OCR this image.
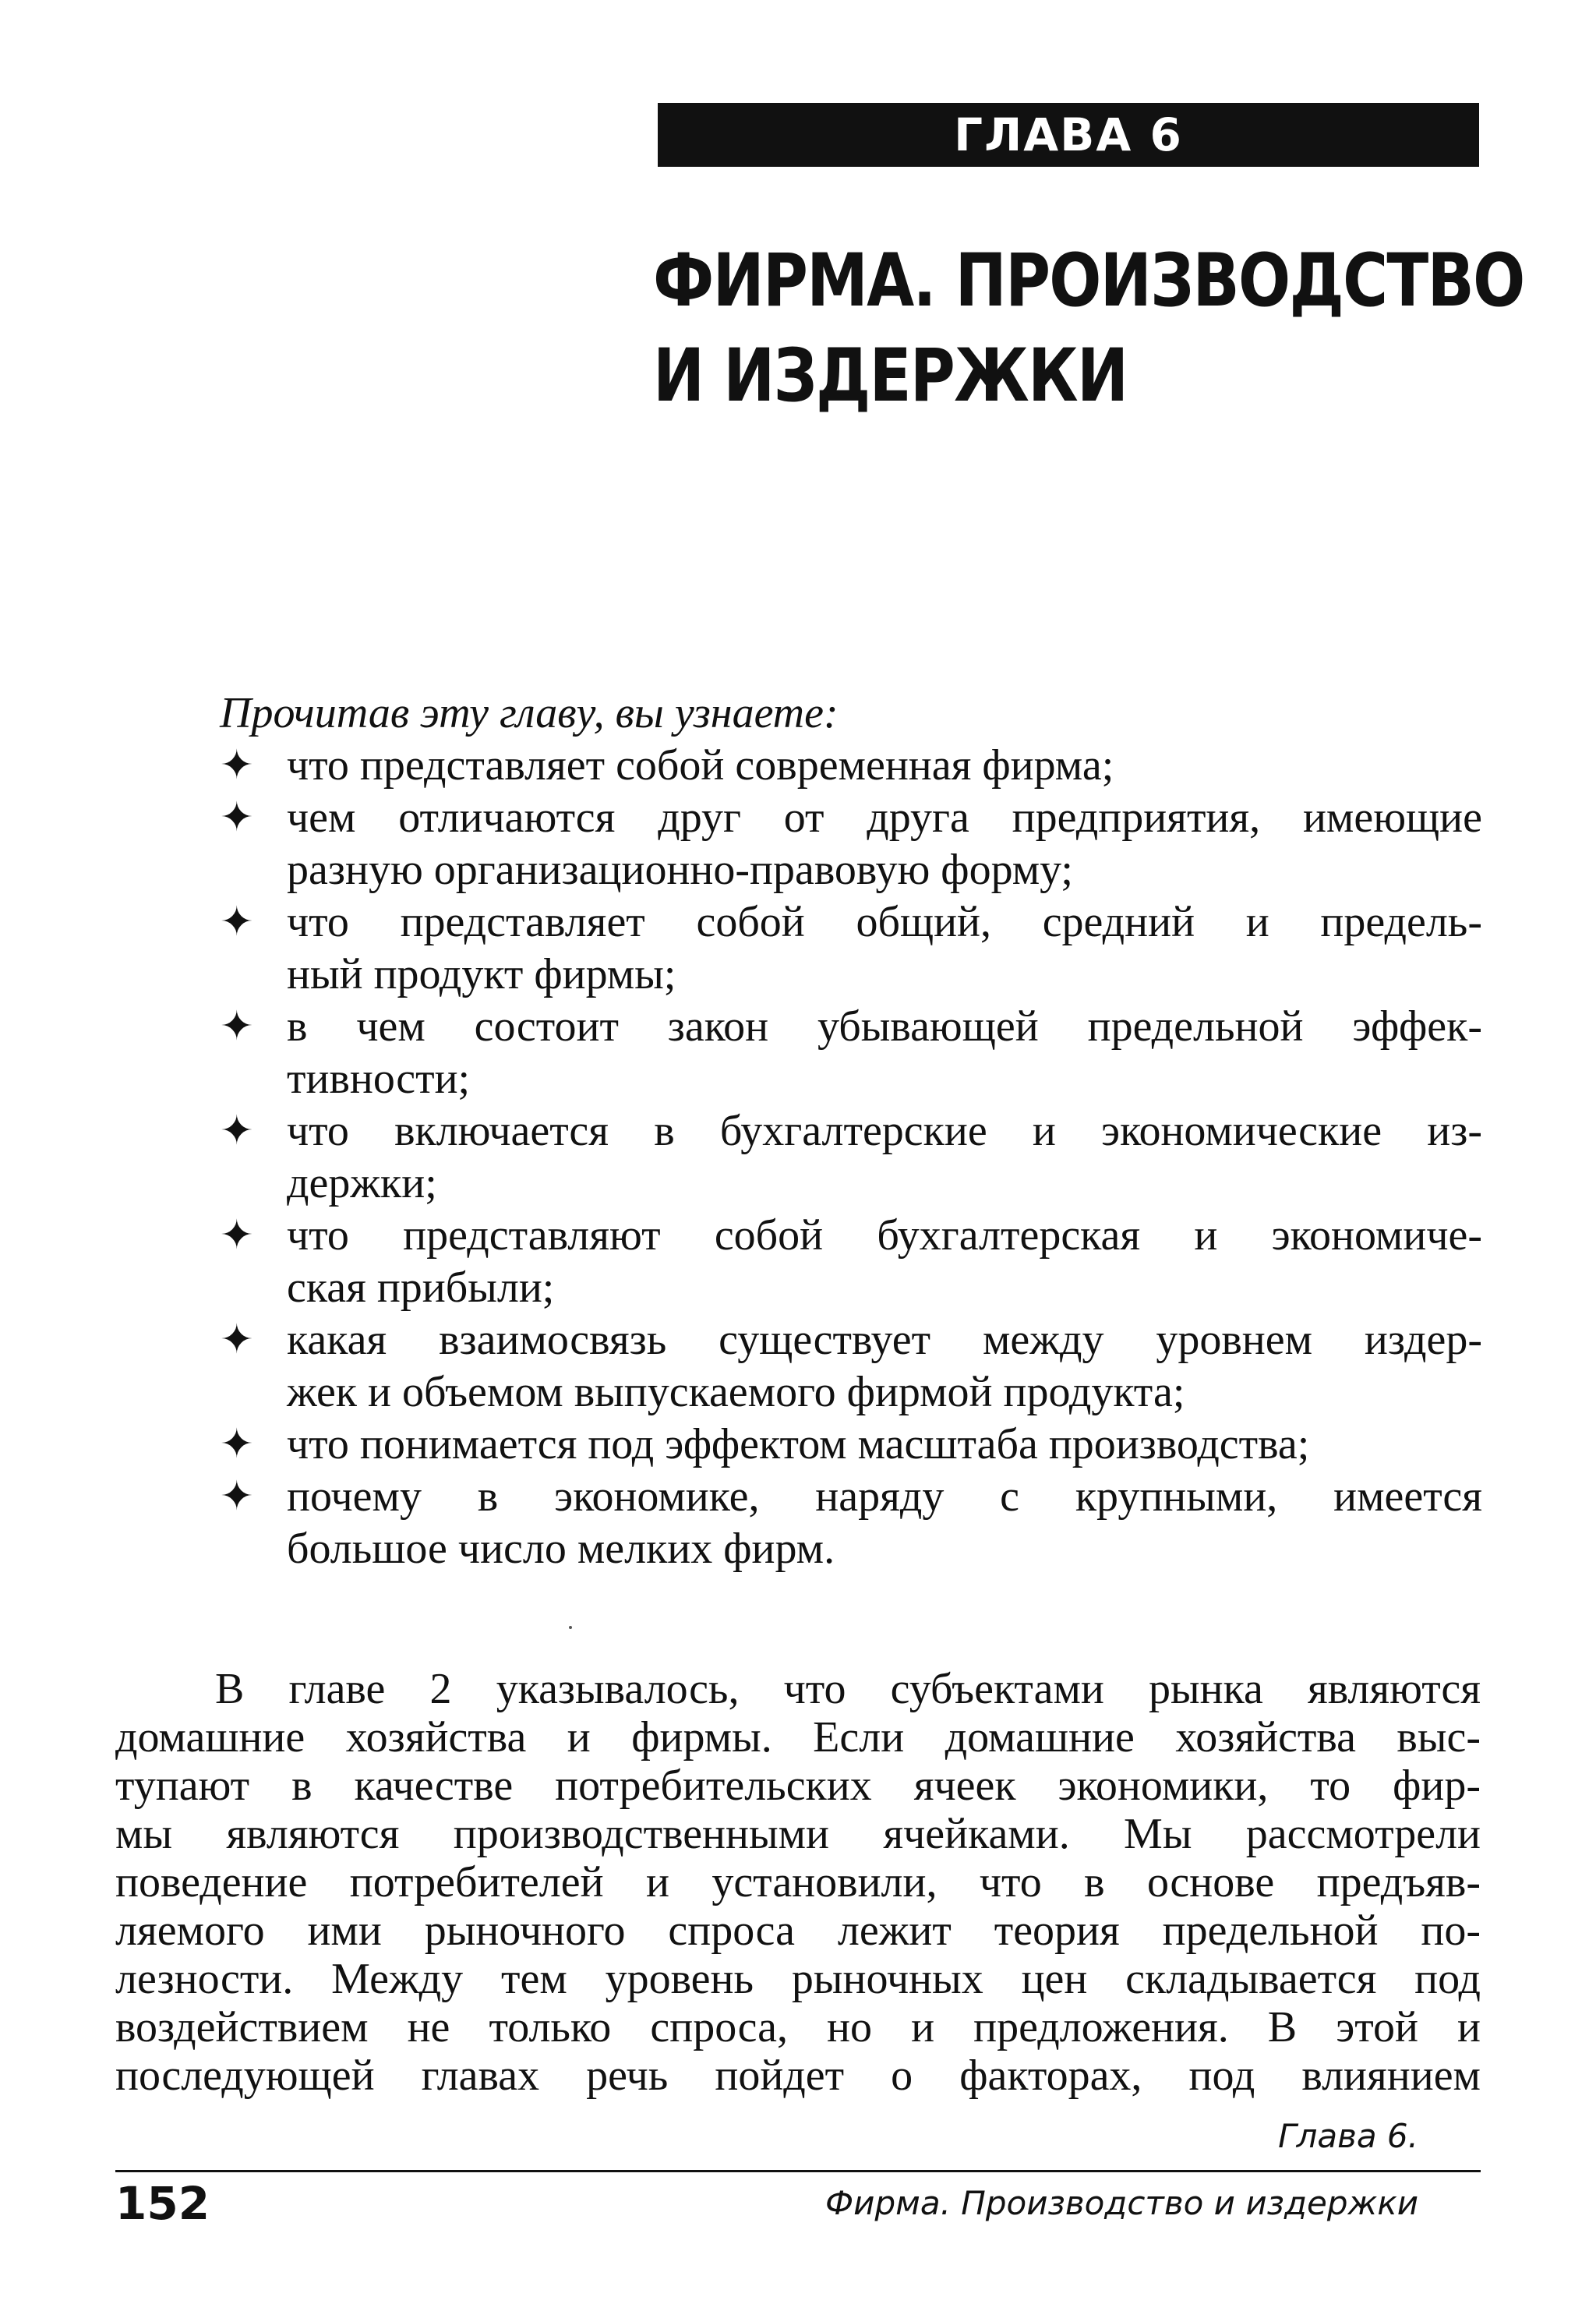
ГЛАВА 6
ФИРМА. ПРОИЗВОДСТВО
И ИЗДЕРЖКИ

Прочитав эту главу, вы узнаете:

✦ что представляет собой современная фирма;
✦ чем отличаются друг от друга предприятия, имеющие
разную организационно-правовую форму;
✦ что представляет собой общий, средний и предель-
ный продукт фирмы;
✦ в чем состоит закон убывающей предельной эффек-
тивности;
✦ что включается в бухгалтерские и экономические из-
держки;
✦ что представляют собой бухгалтерская и экономиче-
ская прибыли;
✦ какая взаимосвязь существует между уровнем издер-
жек и объемом выпускаемого фирмой продукта;
✦ что понимается под эффектом масштаба производства;
✦ почему в экономике, наряду с крупными, имеется
большое число мелких фирм.

В главе 2 указывалось, что субъектами рынка являются
домашние хозяйства и фирмы. Если домашние хозяйства выс-
тупают в качестве потребительских ячеек экономики, то фир-
мы являются производственными ячейками. Мы рассмотрели
поведение потребителей и установили, что в основе предъяв-
ляемого ими рыночного спроса лежит теория предельной по-
лезности. Между тем уровень рыночных цен складывается под
воздействием не только спроса, но и предложения. В этой и
последующей главах речь пойдет о факторах, под влиянием

Глава 6.
152	Фирма. Производство и издержки
